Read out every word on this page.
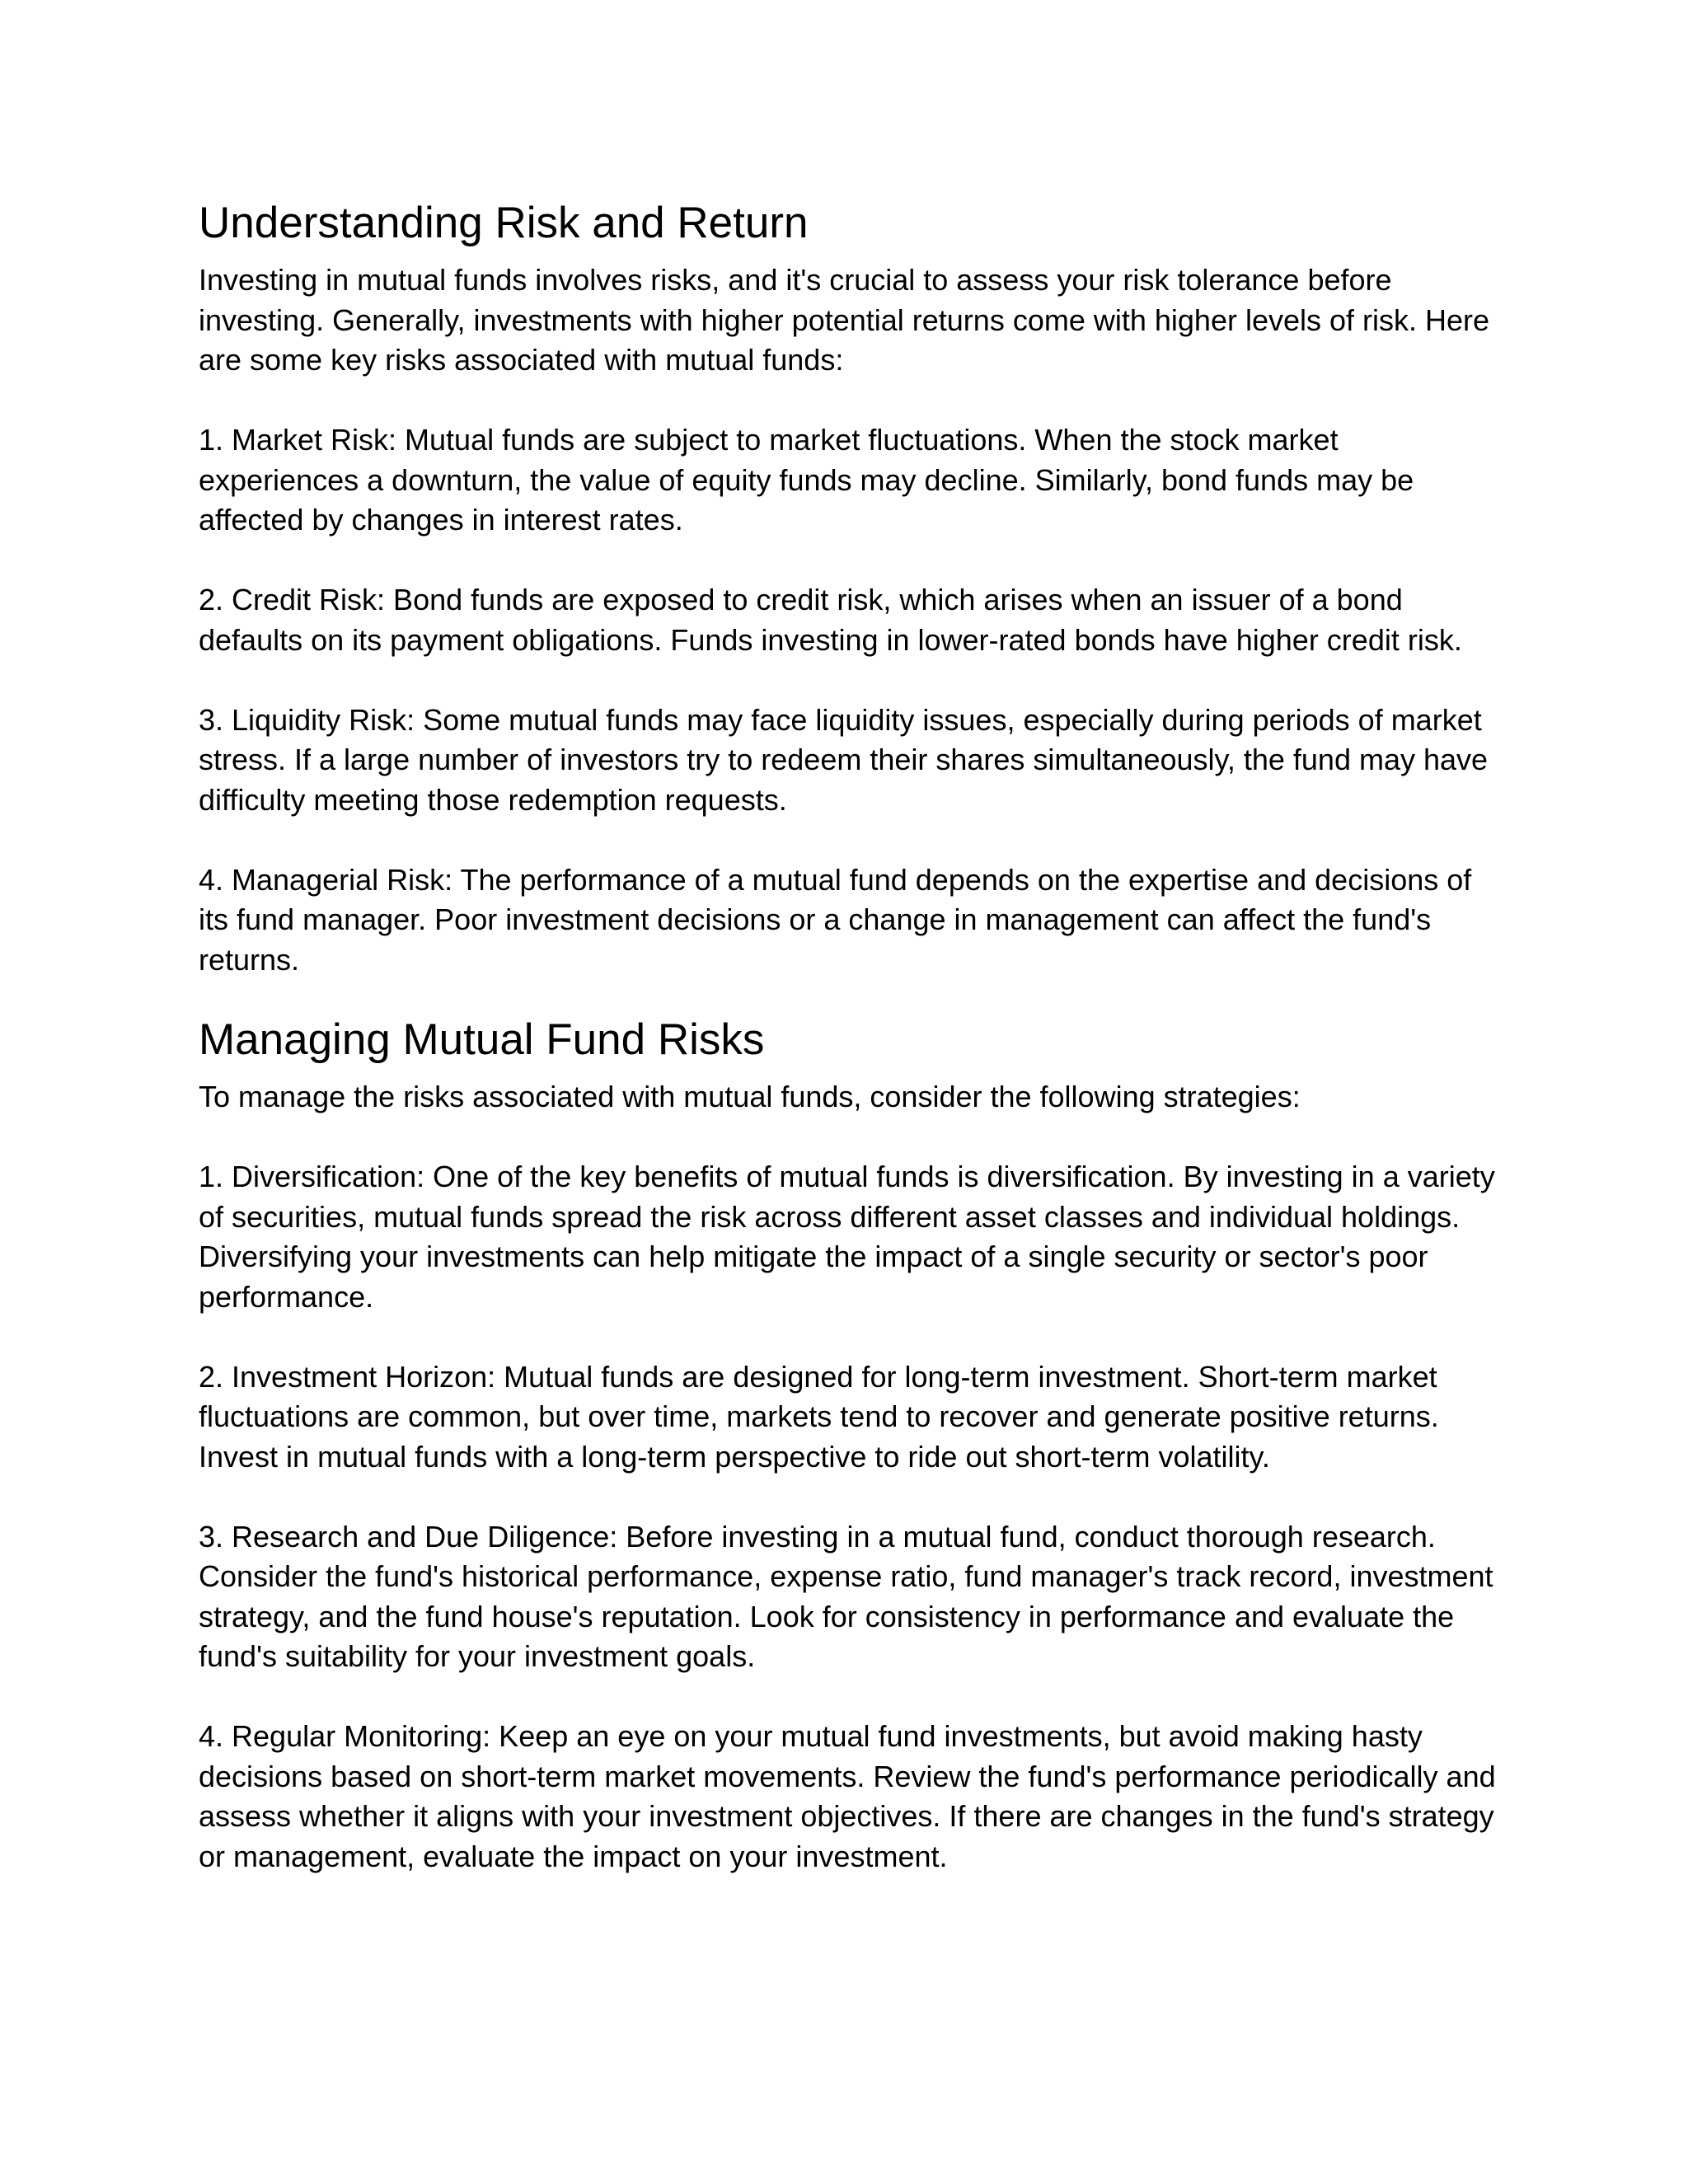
Understanding Risk and Return

Investing in mutual funds involves risks, and it's crucial to assess your risk tolerance before investing. Generally, investments with higher potential returns come with higher levels of risk. Here are some key risks associated with mutual funds:

1. Market Risk: Mutual funds are subject to market fluctuations. When the stock market experiences a downturn, the value of equity funds may decline. Similarly, bond funds may be affected by changes in interest rates.

2. Credit Risk: Bond funds are exposed to credit risk, which arises when an issuer of a bond defaults on its payment obligations. Funds investing in lower-rated bonds have higher credit risk.

3. Liquidity Risk: Some mutual funds may face liquidity issues, especially during periods of market stress. If a large number of investors try to redeem their shares simultaneously, the fund may have difficulty meeting those redemption requests.

4. Managerial Risk: The performance of a mutual fund depends on the expertise and decisions of its fund manager. Poor investment decisions or a change in management can affect the fund's returns.

Managing Mutual Fund Risks

To manage the risks associated with mutual funds, consider the following strategies:

1. Diversification: One of the key benefits of mutual funds is diversification. By investing in a variety of securities, mutual funds spread the risk across different asset classes and individual holdings. Diversifying your investments can help mitigate the impact of a single security or sector's poor performance.

2. Investment Horizon: Mutual funds are designed for long-term investment. Short-term market fluctuations are common, but over time, markets tend to recover and generate positive returns. Invest in mutual funds with a long-term perspective to ride out short-term volatility.

3. Research and Due Diligence: Before investing in a mutual fund, conduct thorough research. Consider the fund's historical performance, expense ratio, fund manager's track record, investment strategy, and the fund house's reputation. Look for consistency in performance and evaluate the fund's suitability for your investment goals.

4. Regular Monitoring: Keep an eye on your mutual fund investments, but avoid making hasty decisions based on short-term market movements. Review the fund's performance periodically and assess whether it aligns with your investment objectives. If there are changes in the fund's strategy or management, evaluate the impact on your investment.
